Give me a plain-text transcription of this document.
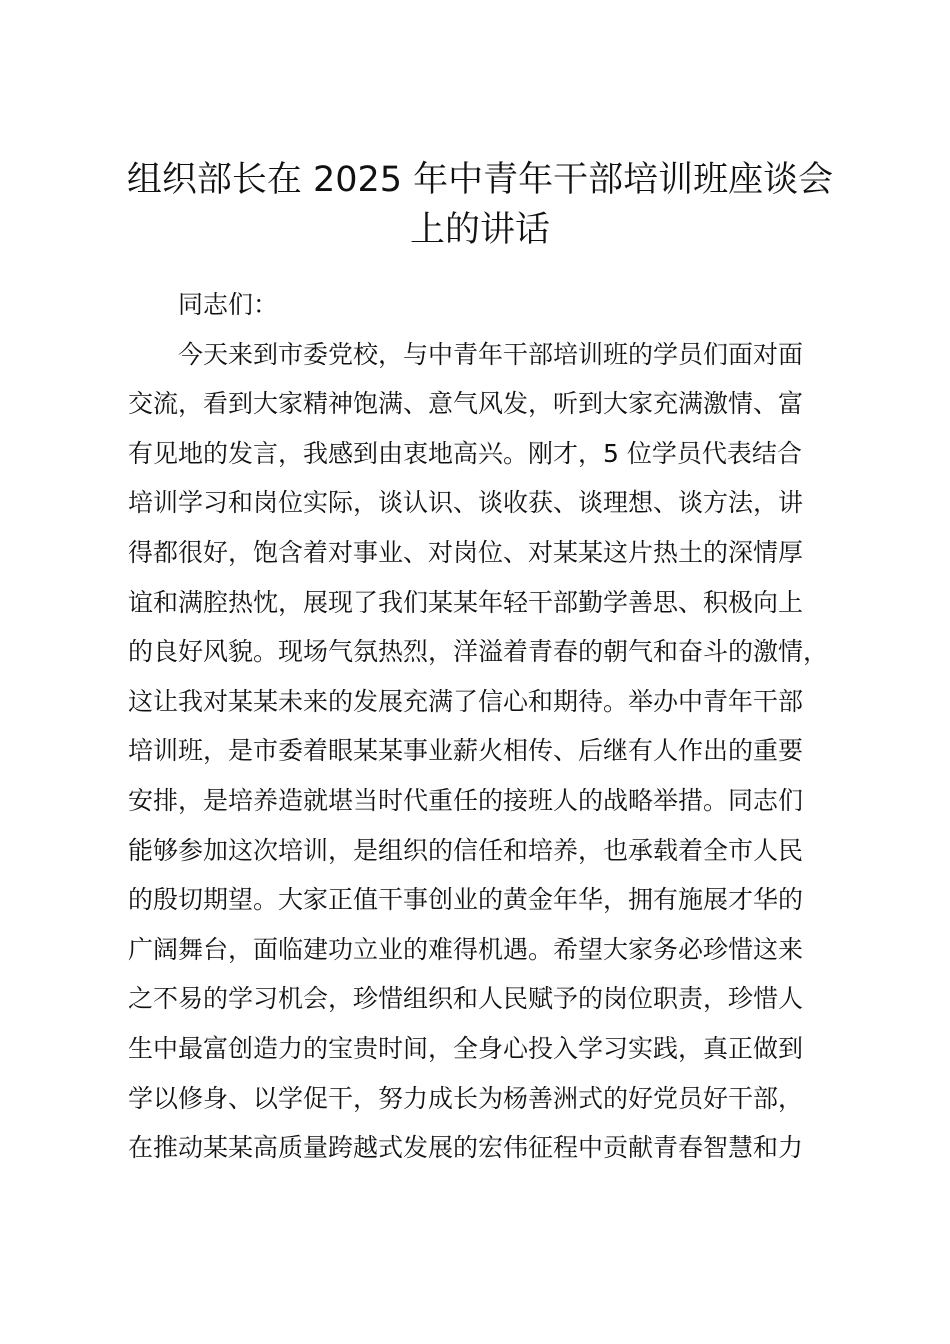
组织部长在 2025 年中青年干部培训班座谈会
上的讲话
同志们：
今天来到市委党校，与中青年干部培训班的学员们面对面
交流，看到大家精神饱满、意气风发，听到大家充满激情、富
有见地的发言，我感到由衷地高兴。刚才，5 位学员代表结合
培训学习和岗位实际，谈认识、谈收获、谈理想、谈方法，讲
得都很好，饱含着对事业、对岗位、对某某这片热土的深情厚
谊和满腔热忱，展现了我们某某年轻干部勤学善思、积极向上
的良好风貌。现场气氛热烈，洋溢着青春的朝气和奋斗的激情，
这让我对某某未来的发展充满了信心和期待。举办中青年干部
培训班，是市委着眼某某事业薪火相传、后继有人作出的重要
安排，是培养造就堪当时代重任的接班人的战略举措。同志们
能够参加这次培训，是组织的信任和培养，也承载着全市人民
的殷切期望。大家正值干事创业的黄金年华，拥有施展才华的
广阔舞台，面临建功立业的难得机遇。希望大家务必珍惜这来
之不易的学习机会，珍惜组织和人民赋予的岗位职责，珍惜人
生中最富创造力的宝贵时间，全身心投入学习实践，真正做到
学以修身、以学促干，努力成长为杨善洲式的好党员好干部，
在推动某某高质量跨越式发展的宏伟征程中贡献青春智慧和力
